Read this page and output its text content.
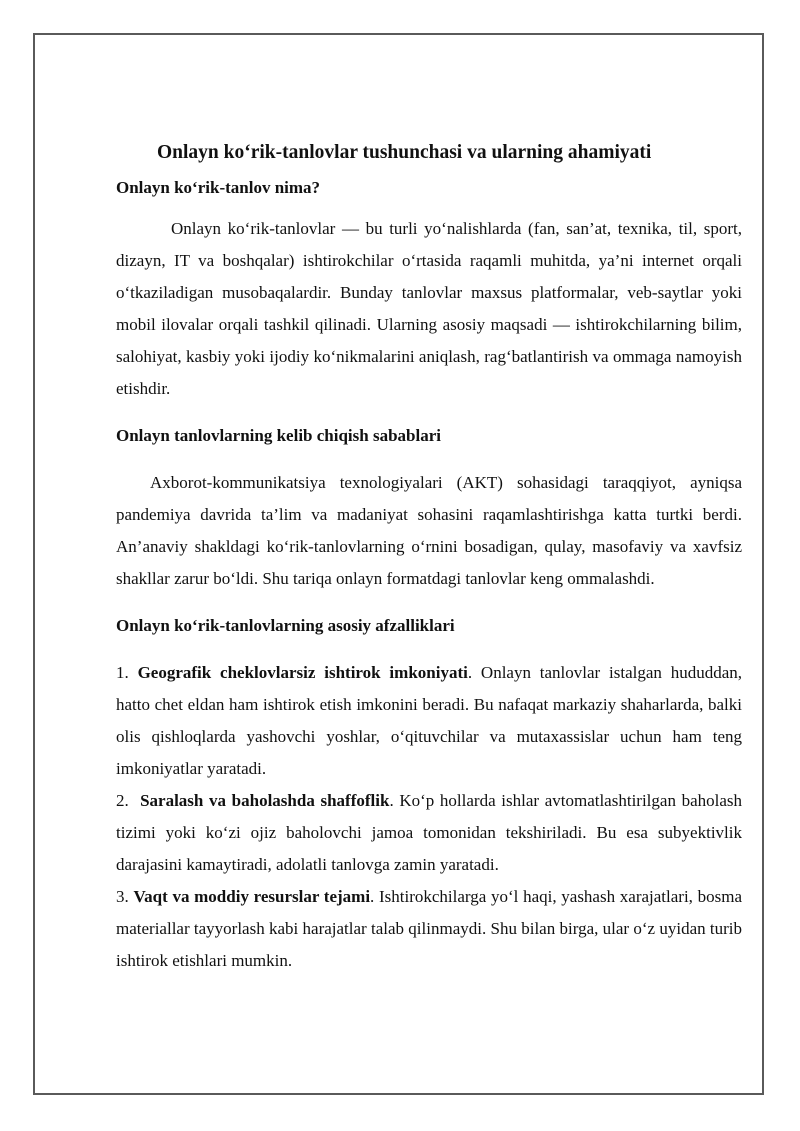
Onlayn ko‘rik-tanlovlar tushunchasi va ularning ahamiyati
Onlayn ko‘rik-tanlov nima?

Onlayn ko‘rik-tanlovlar — bu turli yo‘nalishlarda (fan, san’at, texnika, til, sport, dizayn, IT va boshqalar) ishtirokchilar o‘rtasida raqamli muhitda, ya’ni internet orqali o‘tkaziladigan musobaqalardir. Bunday tanlovlar maxsus platformalar, veb-saytlar yoki mobil ilovalar orqali tashkil qilinadi. Ularning asosiy maqsadi — ishtirokchilarning bilim, salohiyat, kasbiy yoki ijodiy ko‘nikmalarini aniqlash, rag‘batlantirish va ommaga namoyish etishdir.

Onlayn tanlovlarning kelib chiqish sabablari

Axborot-kommunikatsiya texnologiyalari (AKT) sohasidagi taraqqiyot, ayniqsa pandemiya davrida ta’lim va madaniyat sohasini raqamlashtirishga katta turtki berdi. An’anaviy shakldagi ko‘rik-tanlovlarning o‘rnini bosadigan, qulay, masofaviy va xavfsiz shakllar zarur bo‘ldi. Shu tariqa onlayn formatdagi tanlovlar keng ommalashdi.

Onlayn ko‘rik-tanlovlarning asosiy afzalliklari

1. Geografik cheklovlarsiz ishtirok imkoniyati. Onlayn tanlovlar istalgan hududdan, hatto chet eldan ham ishtirok etish imkonini beradi. Bu nafaqat markaziy shaharlarda, balki olis qishloqlarda yashovchi yoshlar, o‘qituvchilar va mutaxassislar uchun ham teng imkoniyatlar yaratadi.

2. Saralash va baholashda shaffoflik. Ko‘p hollarda ishlar avtomatlashtirilgan baholash tizimi yoki ko‘zi ojiz baholovchi jamoa tomonidan tekshiriladi. Bu esa subyektivlik darajasini kamaytiradi, adolatli tanlovga zamin yaratadi.

3. Vaqt va moddiy resurslar tejami. Ishtirokchilarga yo‘l haqi, yashash xarajatlari, bosma materiallar tayyorlash kabi harajatlar talab qilinmaydi. Shu bilan birga, ular o‘z uyidan turib ishtirok etishlari mumkin.
